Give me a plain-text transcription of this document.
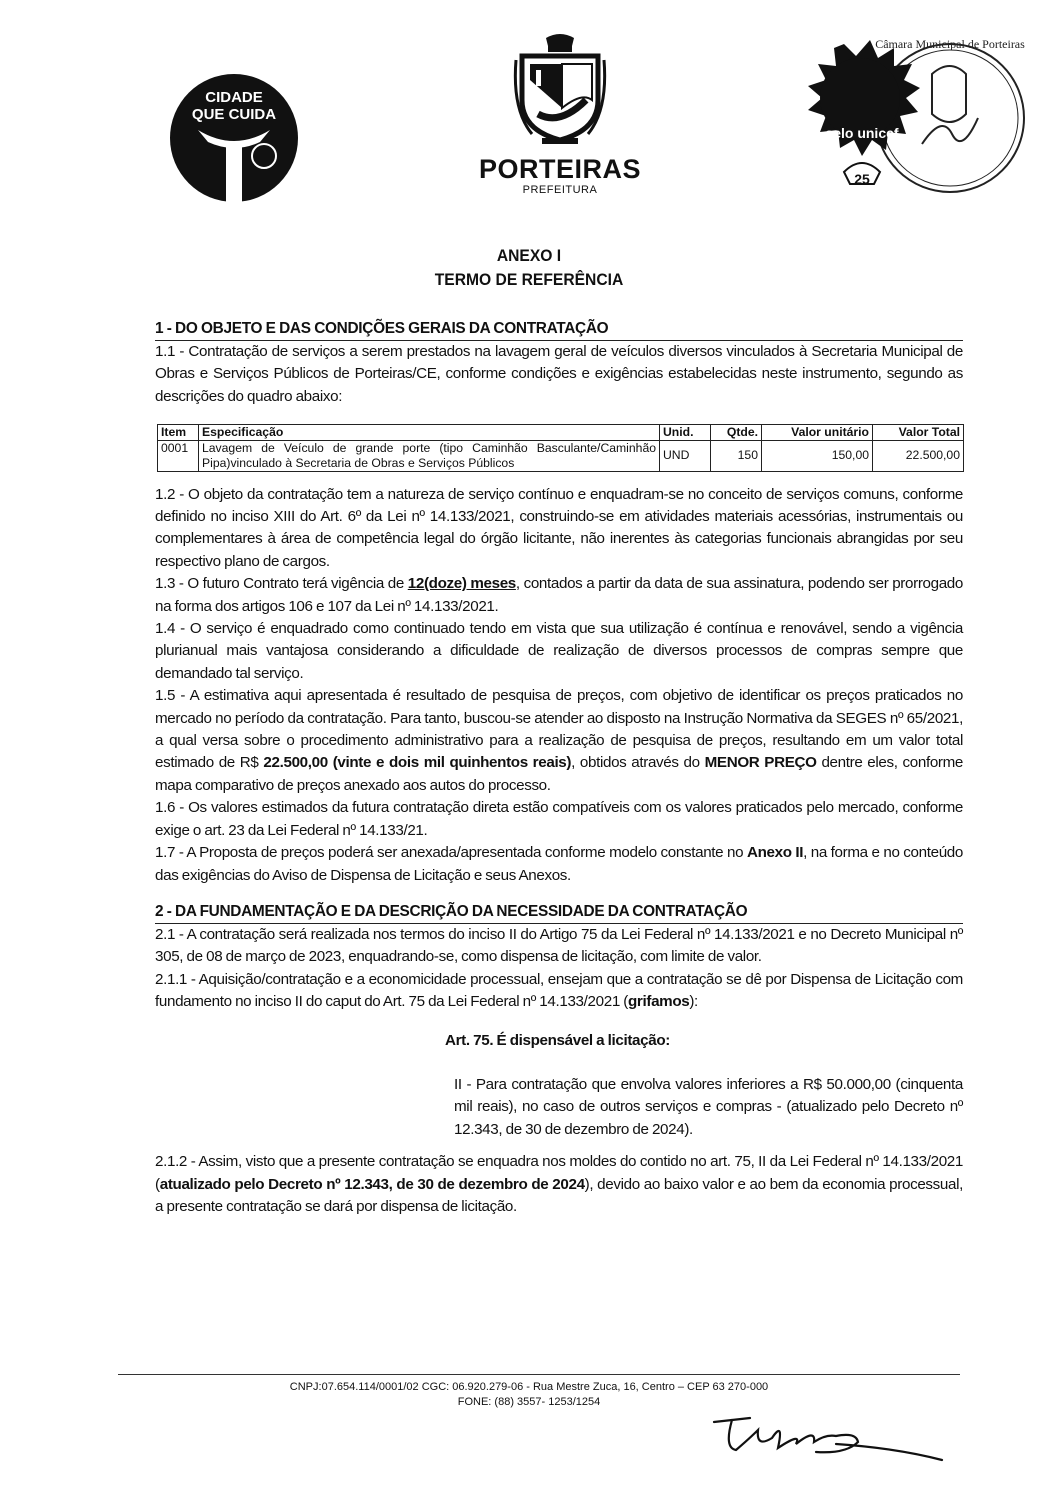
CIDADE
QUE CUIDA
PORTEIRAS
PREFEITURA
selo unicef
25
Câmara Municipal de Porteiras
ANEXO I
TERMO DE REFERÊNCIA
1 - DO OBJETO E DAS CONDIÇÕES GERAIS DA CONTRATAÇÃO

1.1 - Contratação de serviços a serem prestados na lavagem geral de veículos diversos vinculados à Secretaria Municipal de Obras e Serviços Públicos de Porteiras/CE, conforme condições e exigências estabelecidas neste instrumento, segundo as descrições do quadro abaixo:

Item	Especificação	Unid.	Qtde.	Valor unitário	Valor Total
0001	Lavagem de Veículo de grande porte (tipo Caminhão Basculante/Caminhão Pipa)vinculado à Secretaria de Obras e Serviços Públicos	UND	150	150,00	22.500,00

1.2 - O objeto da contratação tem a natureza de serviço contínuo e enquadram-se no conceito de serviços comuns, conforme definido no inciso XIII do Art. 6º da Lei nº 14.133/2021, construindo-se em atividades materiais acessórias, instrumentais ou complementares à área de competência legal do órgão licitante, não inerentes às categorias funcionais abrangidas por seu respectivo plano de cargos.

1.3 - O futuro Contrato terá vigência de 12(doze) meses, contados a partir da data de sua assinatura, podendo ser prorrogado na forma dos artigos 106 e 107 da Lei nº 14.133/2021.

1.4 - O serviço é enquadrado como continuado tendo em vista que sua utilização é contínua e renovável, sendo a vigência plurianual mais vantajosa considerando a dificuldade de realização de diversos processos de compras sempre que demandado tal serviço.

1.5 - A estimativa aqui apresentada é resultado de pesquisa de preços, com objetivo de identificar os preços praticados no mercado no período da contratação. Para tanto, buscou-se atender ao disposto na Instrução Normativa da SEGES nº 65/2021, a qual versa sobre o procedimento administrativo para a realização de pesquisa de preços, resultando em um valor total estimado de R$ 22.500,00 (vinte e dois mil quinhentos reais), obtidos através do MENOR PREÇO dentre eles, conforme mapa comparativo de preços anexado aos autos do processo.

1.6 - Os valores estimados da futura contratação direta estão compatíveis com os valores praticados pelo mercado, conforme exige o art. 23 da Lei Federal nº 14.133/21.

1.7 - A Proposta de preços poderá ser anexada/apresentada conforme modelo constante no Anexo II, na forma e no conteúdo das exigências do Aviso de Dispensa de Licitação e seus Anexos.

2 - DA FUNDAMENTAÇÃO E DA DESCRIÇÃO DA NECESSIDADE DA CONTRATAÇÃO

2.1 - A contratação será realizada nos termos do inciso II do Artigo 75 da Lei Federal nº 14.133/2021 e no Decreto Municipal nº 305, de 08 de março de 2023, enquadrando-se, como dispensa de licitação, com limite de valor.

2.1.1 - Aquisição/contratação e a economicidade processual, ensejam que a contratação se dê por Dispensa de Licitação com fundamento no inciso II do caput do Art. 75 da Lei Federal nº 14.133/2021 (grifamos):

Art. 75. É dispensável a licitação:

II - Para contratação que envolva valores inferiores a R$ 50.000,00 (cinquenta mil reais), no caso de outros serviços e compras - (atualizado pelo Decreto nº 12.343, de 30 de dezembro de 2024).

2.1.2 - Assim, visto que a presente contratação se enquadra nos moldes do contido no art. 75, II da Lei Federal nº 14.133/2021 (atualizado pelo Decreto nº 12.343, de 30 de dezembro de 2024), devido ao baixo valor e ao bem da economia processual, a presente contratação se dará por dispensa de licitação.

CNPJ:07.654.114/0001/02 CGC: 06.920.279-06 - Rua Mestre Zuca, 16, Centro – CEP 63 270-000
FONE: (88) 3557- 1253/1254
